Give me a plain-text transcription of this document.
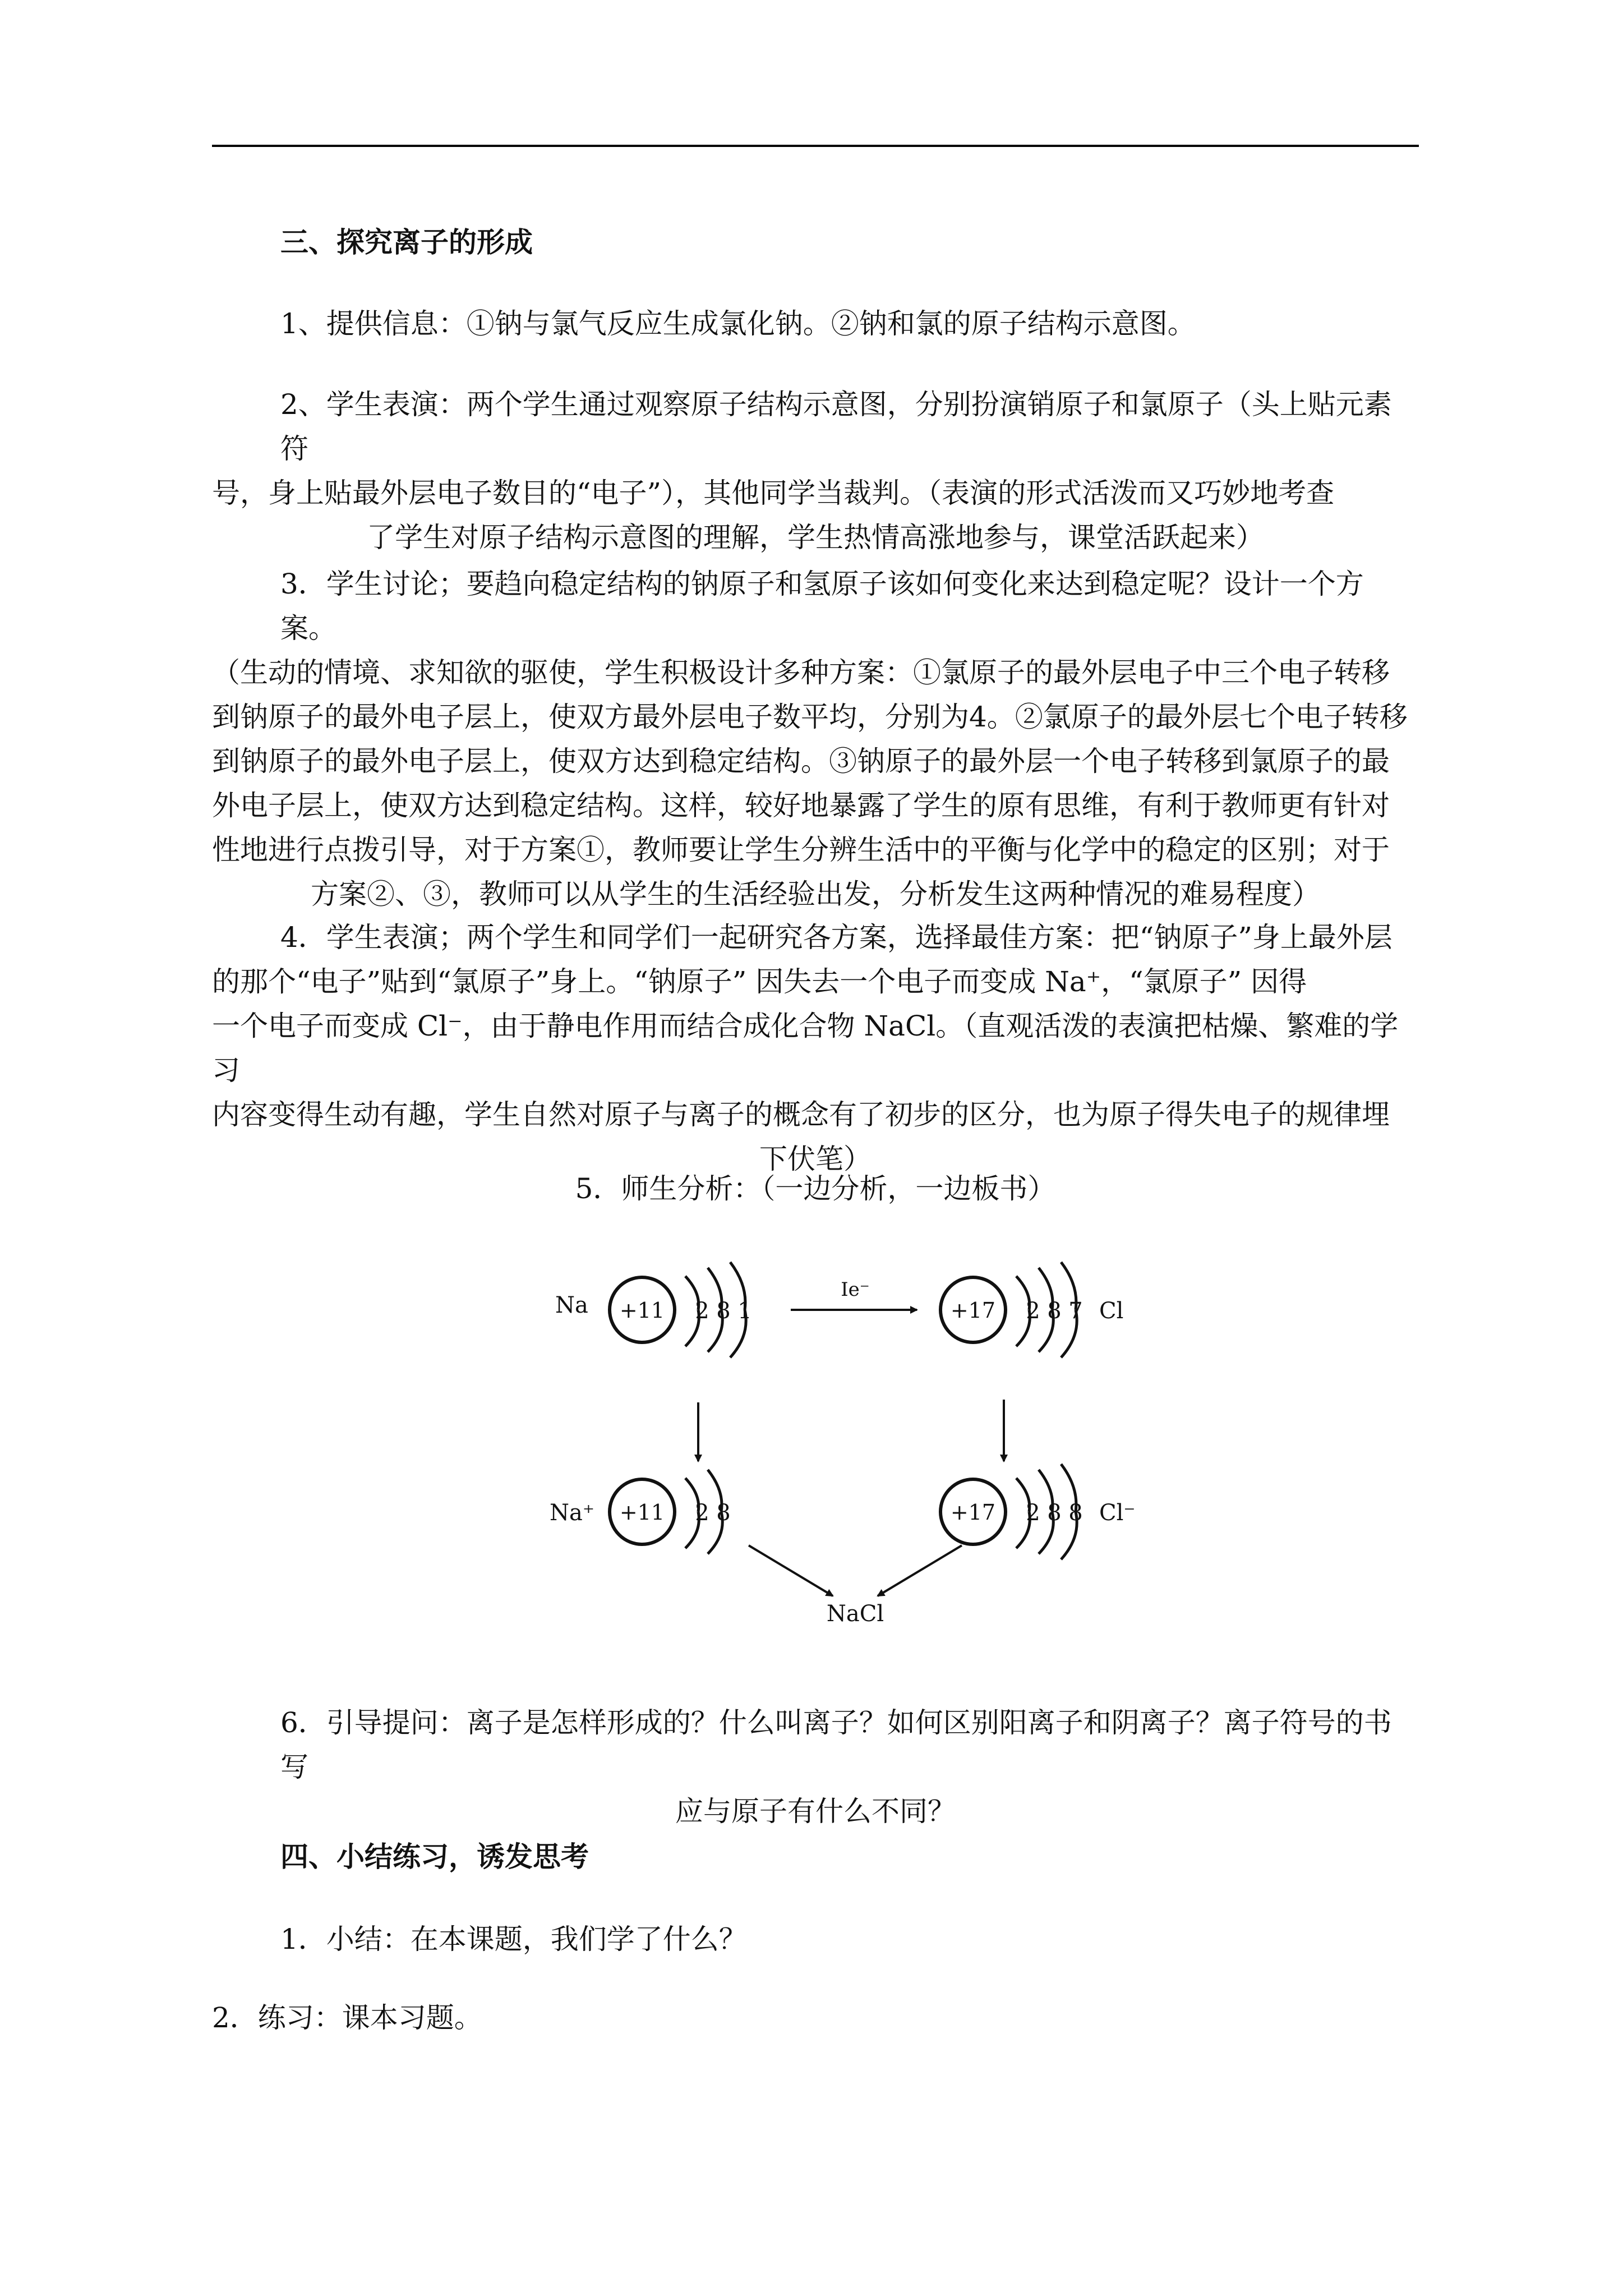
三、探究离子的形成

1、提供信息：①钠与氯气反应生成氯化钠。②钠和氯的原子结构示意图。

2、学生表演：两个学生通过观察原子结构示意图，分别扮演销原子和氯原子（头上贴元素符
号，身上贴最外层电子数目的“电子”），其他同学当裁判。（表演的形式活泼而又巧妙地考查
了学生对原子结构示意图的理解，学生热情高涨地参与，课堂活跃起来）

3．学生讨论；要趋向稳定结构的钠原子和氢原子该如何变化来达到稳定呢？设计一个方案。
（生动的情境、求知欲的驱使，学生积极设计多种方案：①氯原子的最外层电子中三个电子转移
到钠原子的最外电子层上，使双方最外层电子数平均，分别为4。②氯原子的最外层七个电子转移
到钠原子的最外电子层上，使双方达到稳定结构。③钠原子的最外层一个电子转移到氯原子的最
外电子层上，使双方达到稳定结构。这样，较好地暴露了学生的原有思维，有利于教师更有针对
性地进行点拨引导，对于方案①，教师要让学生分辨生活中的平衡与化学中的稳定的区别；对于
方案②、③，教师可以从学生的生活经验出发，分析发生这两种情况的难易程度）

4．学生表演；两个学生和同学们一起研究各方案，选择最佳方案：把“钠原子”身上最外层
的那个“电子”贴到“氯原子”身上。“钠原子” 因失去一个电子而变成 Na⁺，“氯原子” 因得
一个电子而变成 Cl⁻，由于静电作用而结合成化合物 NaCl。（直观活泼的表演把枯燥、繁难的学习
内容变得生动有趣，学生自然对原子与离子的概念有了初步的区分，也为原子得失电子的规律埋
下伏笔）

5．师生分析：（一边分析，一边板书）

Na +11 2 8 1
Ie⁻
+17 2 8 7 Cl
Na⁺ +11 2 8	+17 2 8 8 Cl⁻
NaCl

6．引导提问：离子是怎样形成的？什么叫离子？如何区别阳离子和阴离子？离子符号的书写
应与原子有什么不同？

四、小结练习，诱发思考

1．小结：在本课题，我们学了什么？

2．练习：课本习题。
